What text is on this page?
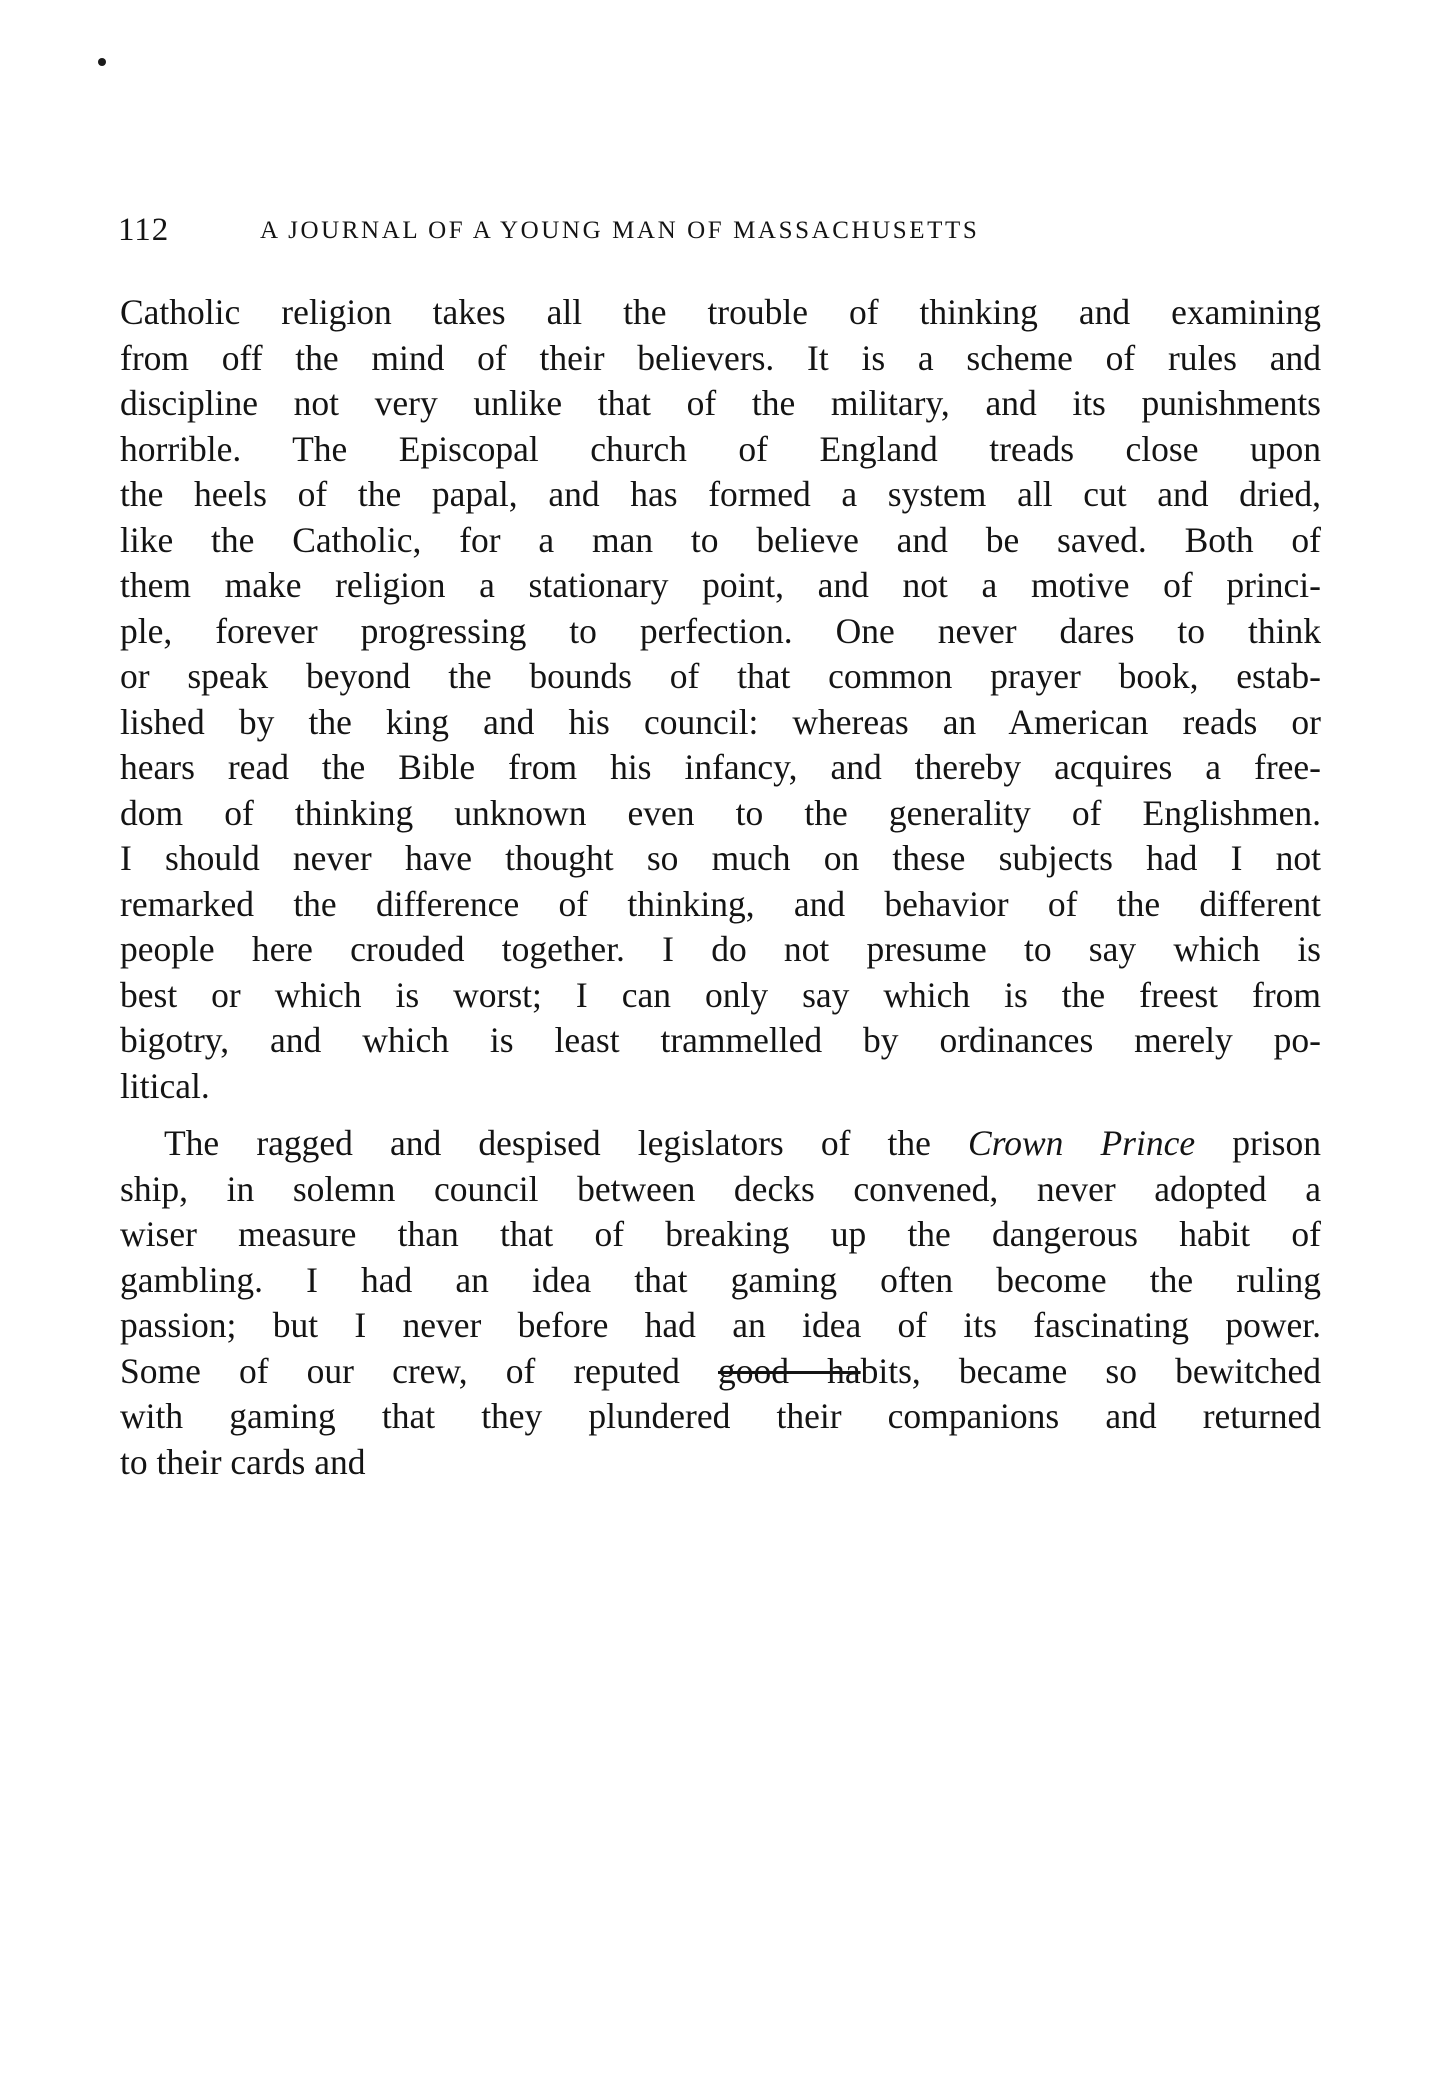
112	A JOURNAL OF A YOUNG MAN OF MASSACHUSETTS
Catholic religion takes all the trouble of thinking and examining
from off the mind of their believers. It is a scheme of rules and
discipline not very unlike that of the military, and its punishments
horrible. The Episcopal church of England treads close upon
the heels of the papal, and has formed a system all cut and dried,
like the Catholic, for a man to believe and be saved. Both of
them make religion a stationary point, and not a motive of princi-
ple, forever progressing to perfection. One never dares to think
or speak beyond the bounds of that common prayer book, estab-
lished by the king and his council: whereas an American reads or
hears read the Bible from his infancy, and thereby acquires a free-
dom of thinking unknown even to the generality of Englishmen.
I should never have thought so much on these subjects had I not
remarked the difference of thinking, and behavior of the different
people here crouded together. I do not presume to say which is
best or which is worst; I can only say which is the freest from
bigotry, and which is least trammelled by ordinances merely po-
litical.
The ragged and despised legislators of the Crown Prince prison
ship, in solemn council between decks convened, never adopted a
wiser measure than that of breaking up the dangerous habit of
gambling. I had an idea that gaming often become the ruling
passion; but I never before had an idea of its fascinating power.
Some of our crew, of reputed good habits, became so bewitched
with gaming that they plundered their companions and returned
to their cards and
